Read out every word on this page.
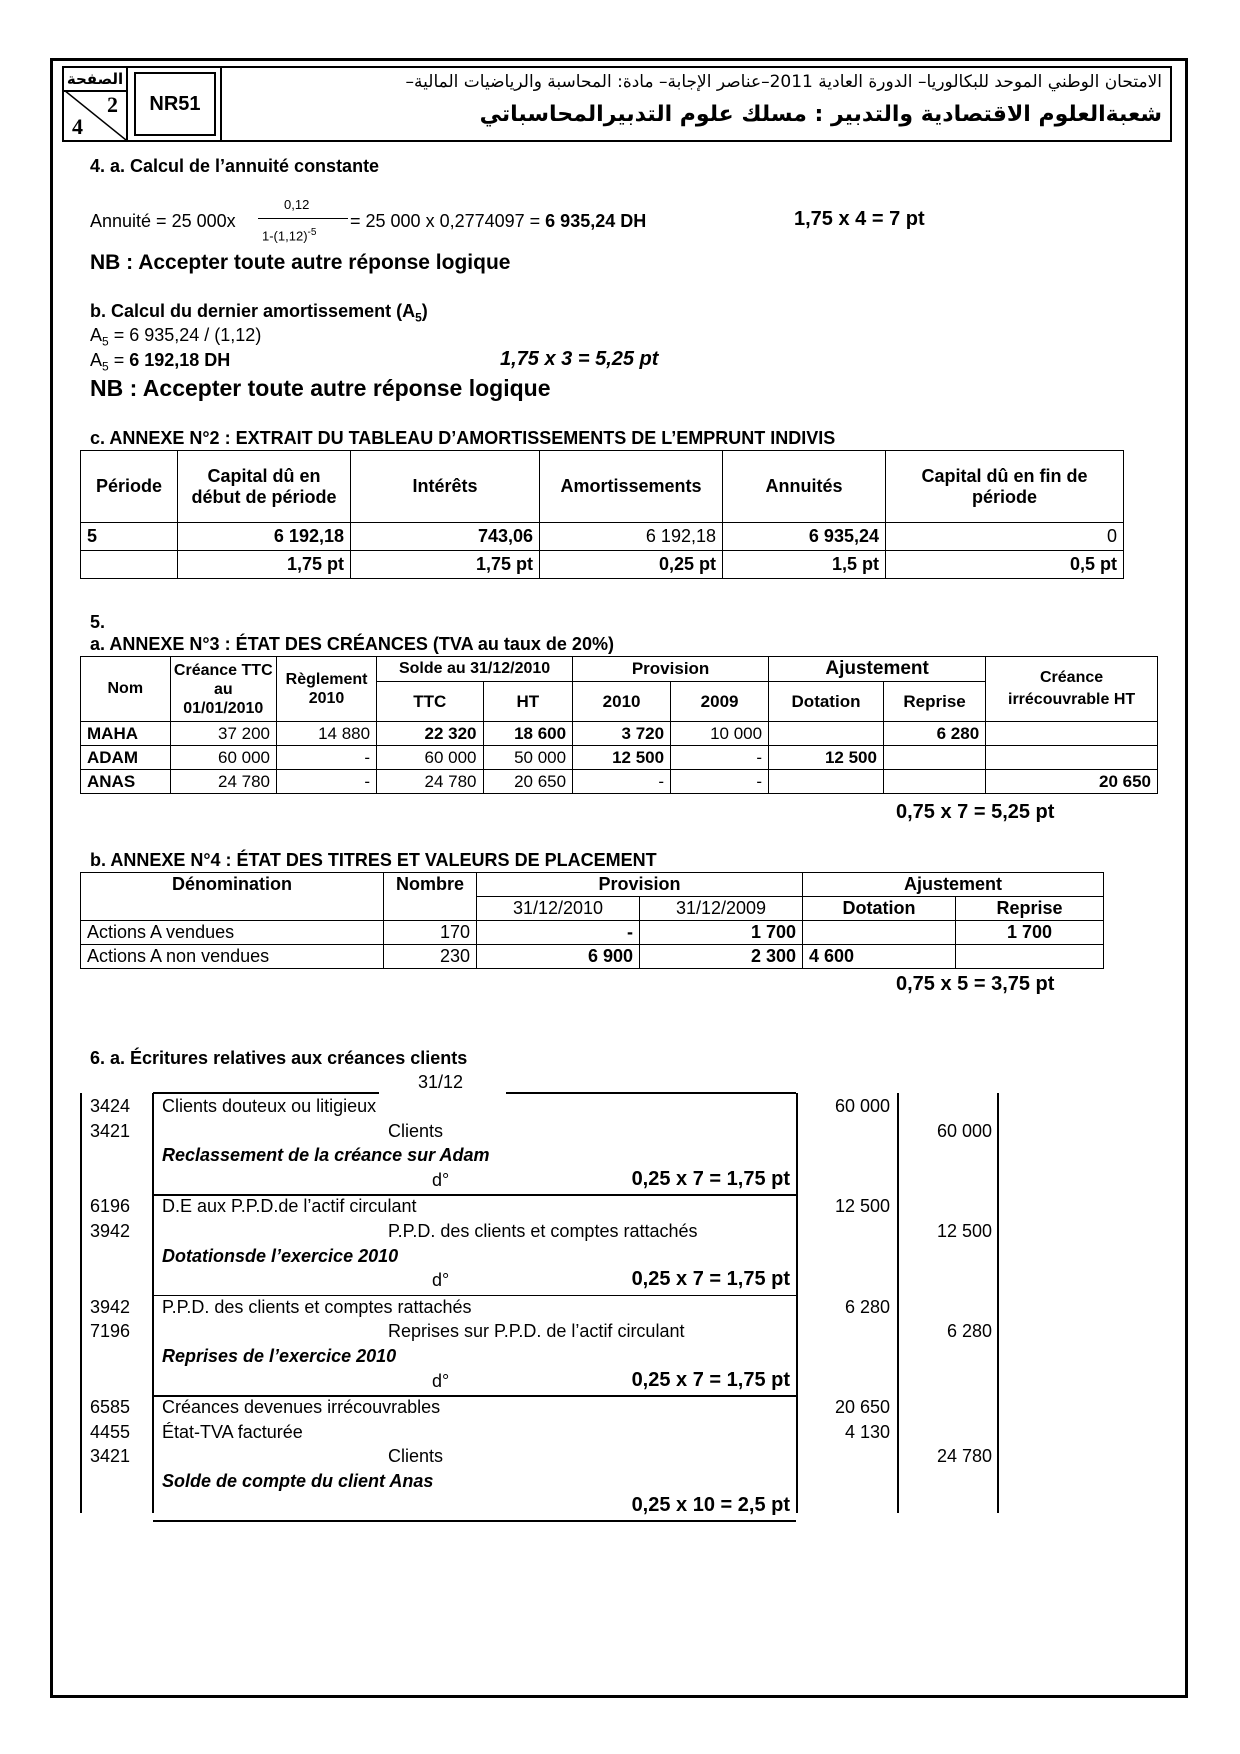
الصفحة
2
4
NR51
الامتحان الوطني الموحد للبكالوريا– الدورة العادية 2011–عناصر الإجابة– مادة: المحاسبة والرياضيات المالية–
شعبةالعلوم الاقتصادية والتدبير : مسلك علوم التدبيرالمحاسباتي
4. a. Calcul de l’annuité constante
Annuité = 25 000x
0,12
$1-(1,12)^{-5}$
= 25 000 x 0,2774097 = 6 935,24 DH	1,75 x 4 = 7 pt
NB : Accepter toute autre réponse logique
b. Calcul du dernier amortissement $(A_5)$
$A_5 = 6$ 935,24 / (1,12)
$A_5 = 6$ 192,18 DH	1,75 x 3 = 5,25 pt
NB : Accepter toute autre réponse logique
c. ANNEXE N°2 : EXTRAIT DU TABLEAU D’AMORTISSEMENTS DE L’EMPRUNT INDIVIS
Période	Capital dû en début de période	Intérêts	Amortissements	Annuités	Capital dû en fin de période
5	6 192,18	743,06	6 192,18	6 935,24	0
	1,75 pt	1,75 pt	0,25 pt	1,5 pt	0,5 pt
5.
a. ANNEXE N°3 : ÉTAT DES CRÉANCES (TVA au taux de 20%)
Nom	Créance TTC au 01/01/2010	Règlement 2010	Solde au 31/12/2010		Provision		Ajustement		Créance irrécouvrable HT
			TTC	HT	2010	2009	Dotation	Reprise	
MAHA	37 200	14 880	22 320	18 600	3 720	10 000		6 280	
ADAM	60 000	-	60 000	50 000	12 500	-	12 500		
ANAS	24 780	-	24 780	20 650	-	-			20 650
0,75 x 7 = 5,25 pt
b. ANNEXE N°4 : ÉTAT DES TITRES ET VALEURS DE PLACEMENT
Dénomination	Nombre	Provision		Ajustement	
		31/12/2010	31/12/2009	Dotation	Reprise
Actions A vendues	170	-	1 700		1 700
Actions A non vendues	230	6 900	2 300	4 600	
0,75 x 5 = 3,75 pt
6. a. Écritures relatives aux créances clients
31/12
3424 Clients douteux ou litigieux	60 000
3421	Clients	60 000
Reclassement de la créance sur Adam
d°	0,25 x 7 = 1,75 pt
6196 D.E aux P.P.D.de l’actif circulant	12 500
3942	P.P.D. des clients et comptes rattachés	12 500
Dotationsde l’exercice 2010
d°	0,25 x 7 = 1,75 pt
3942 P.P.D. des clients et comptes rattachés	6 280
7196	Reprises sur P.P.D. de l’actif circulant	6 280
Reprises de l’exercice 2010
d°	0,25 x 7 = 1,75 pt
6585 Créances devenues irrécouvrables	20 650
4455 État-TVA facturée	4 130
3421	Clients	24 780
Solde de compte du client Anas
0,25 x 10 = 2,5 pt
